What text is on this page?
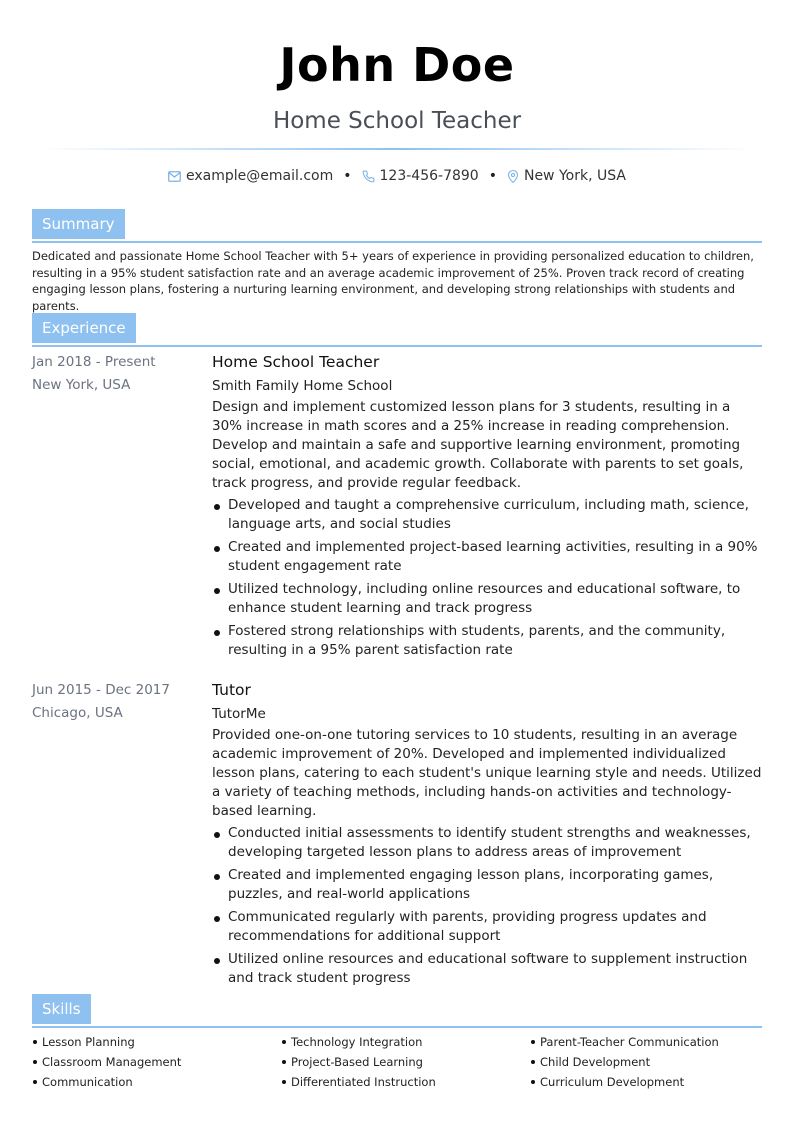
John Doe
Home School Teacher
example@email.com • 123-456-7890 • New York, USA
Summary
Dedicated and passionate Home School Teacher with 5+ years of experience in providing personalized education to children, resulting in a 95% student satisfaction rate and an average academic improvement of 25%. Proven track record of creating engaging lesson plans, fostering a nurturing learning environment, and developing strong relationships with students and parents.
Experience
Jan 2018 - Present
New York, USA
Home School Teacher
Smith Family Home School
Design and implement customized lesson plans for 3 students, resulting in a 30% increase in math scores and a 25% increase in reading comprehension. Develop and maintain a safe and supportive learning environment, promoting social, emotional, and academic growth. Collaborate with parents to set goals, track progress, and provide regular feedback.
Developed and taught a comprehensive curriculum, including math, science, language arts, and social studies
Created and implemented project-based learning activities, resulting in a 90% student engagement rate
Utilized technology, including online resources and educational software, to enhance student learning and track progress
Fostered strong relationships with students, parents, and the community, resulting in a 95% parent satisfaction rate
Jun 2015 - Dec 2017
Chicago, USA
Tutor
TutorMe
Provided one-on-one tutoring services to 10 students, resulting in an average academic improvement of 20%. Developed and implemented individualized lesson plans, catering to each student's unique learning style and needs. Utilized a variety of teaching methods, including hands-on activities and technology-based learning.
Conducted initial assessments to identify student strengths and weaknesses, developing targeted lesson plans to address areas of improvement
Created and implemented engaging lesson plans, incorporating games, puzzles, and real-world applications
Communicated regularly with parents, providing progress updates and recommendations for additional support
Utilized online resources and educational software to supplement instruction and track student progress
Skills
Lesson Planning	Technology Integration	Parent-Teacher Communication
Classroom Management	Project-Based Learning	Child Development
Communication	Differentiated Instruction	Curriculum Development
